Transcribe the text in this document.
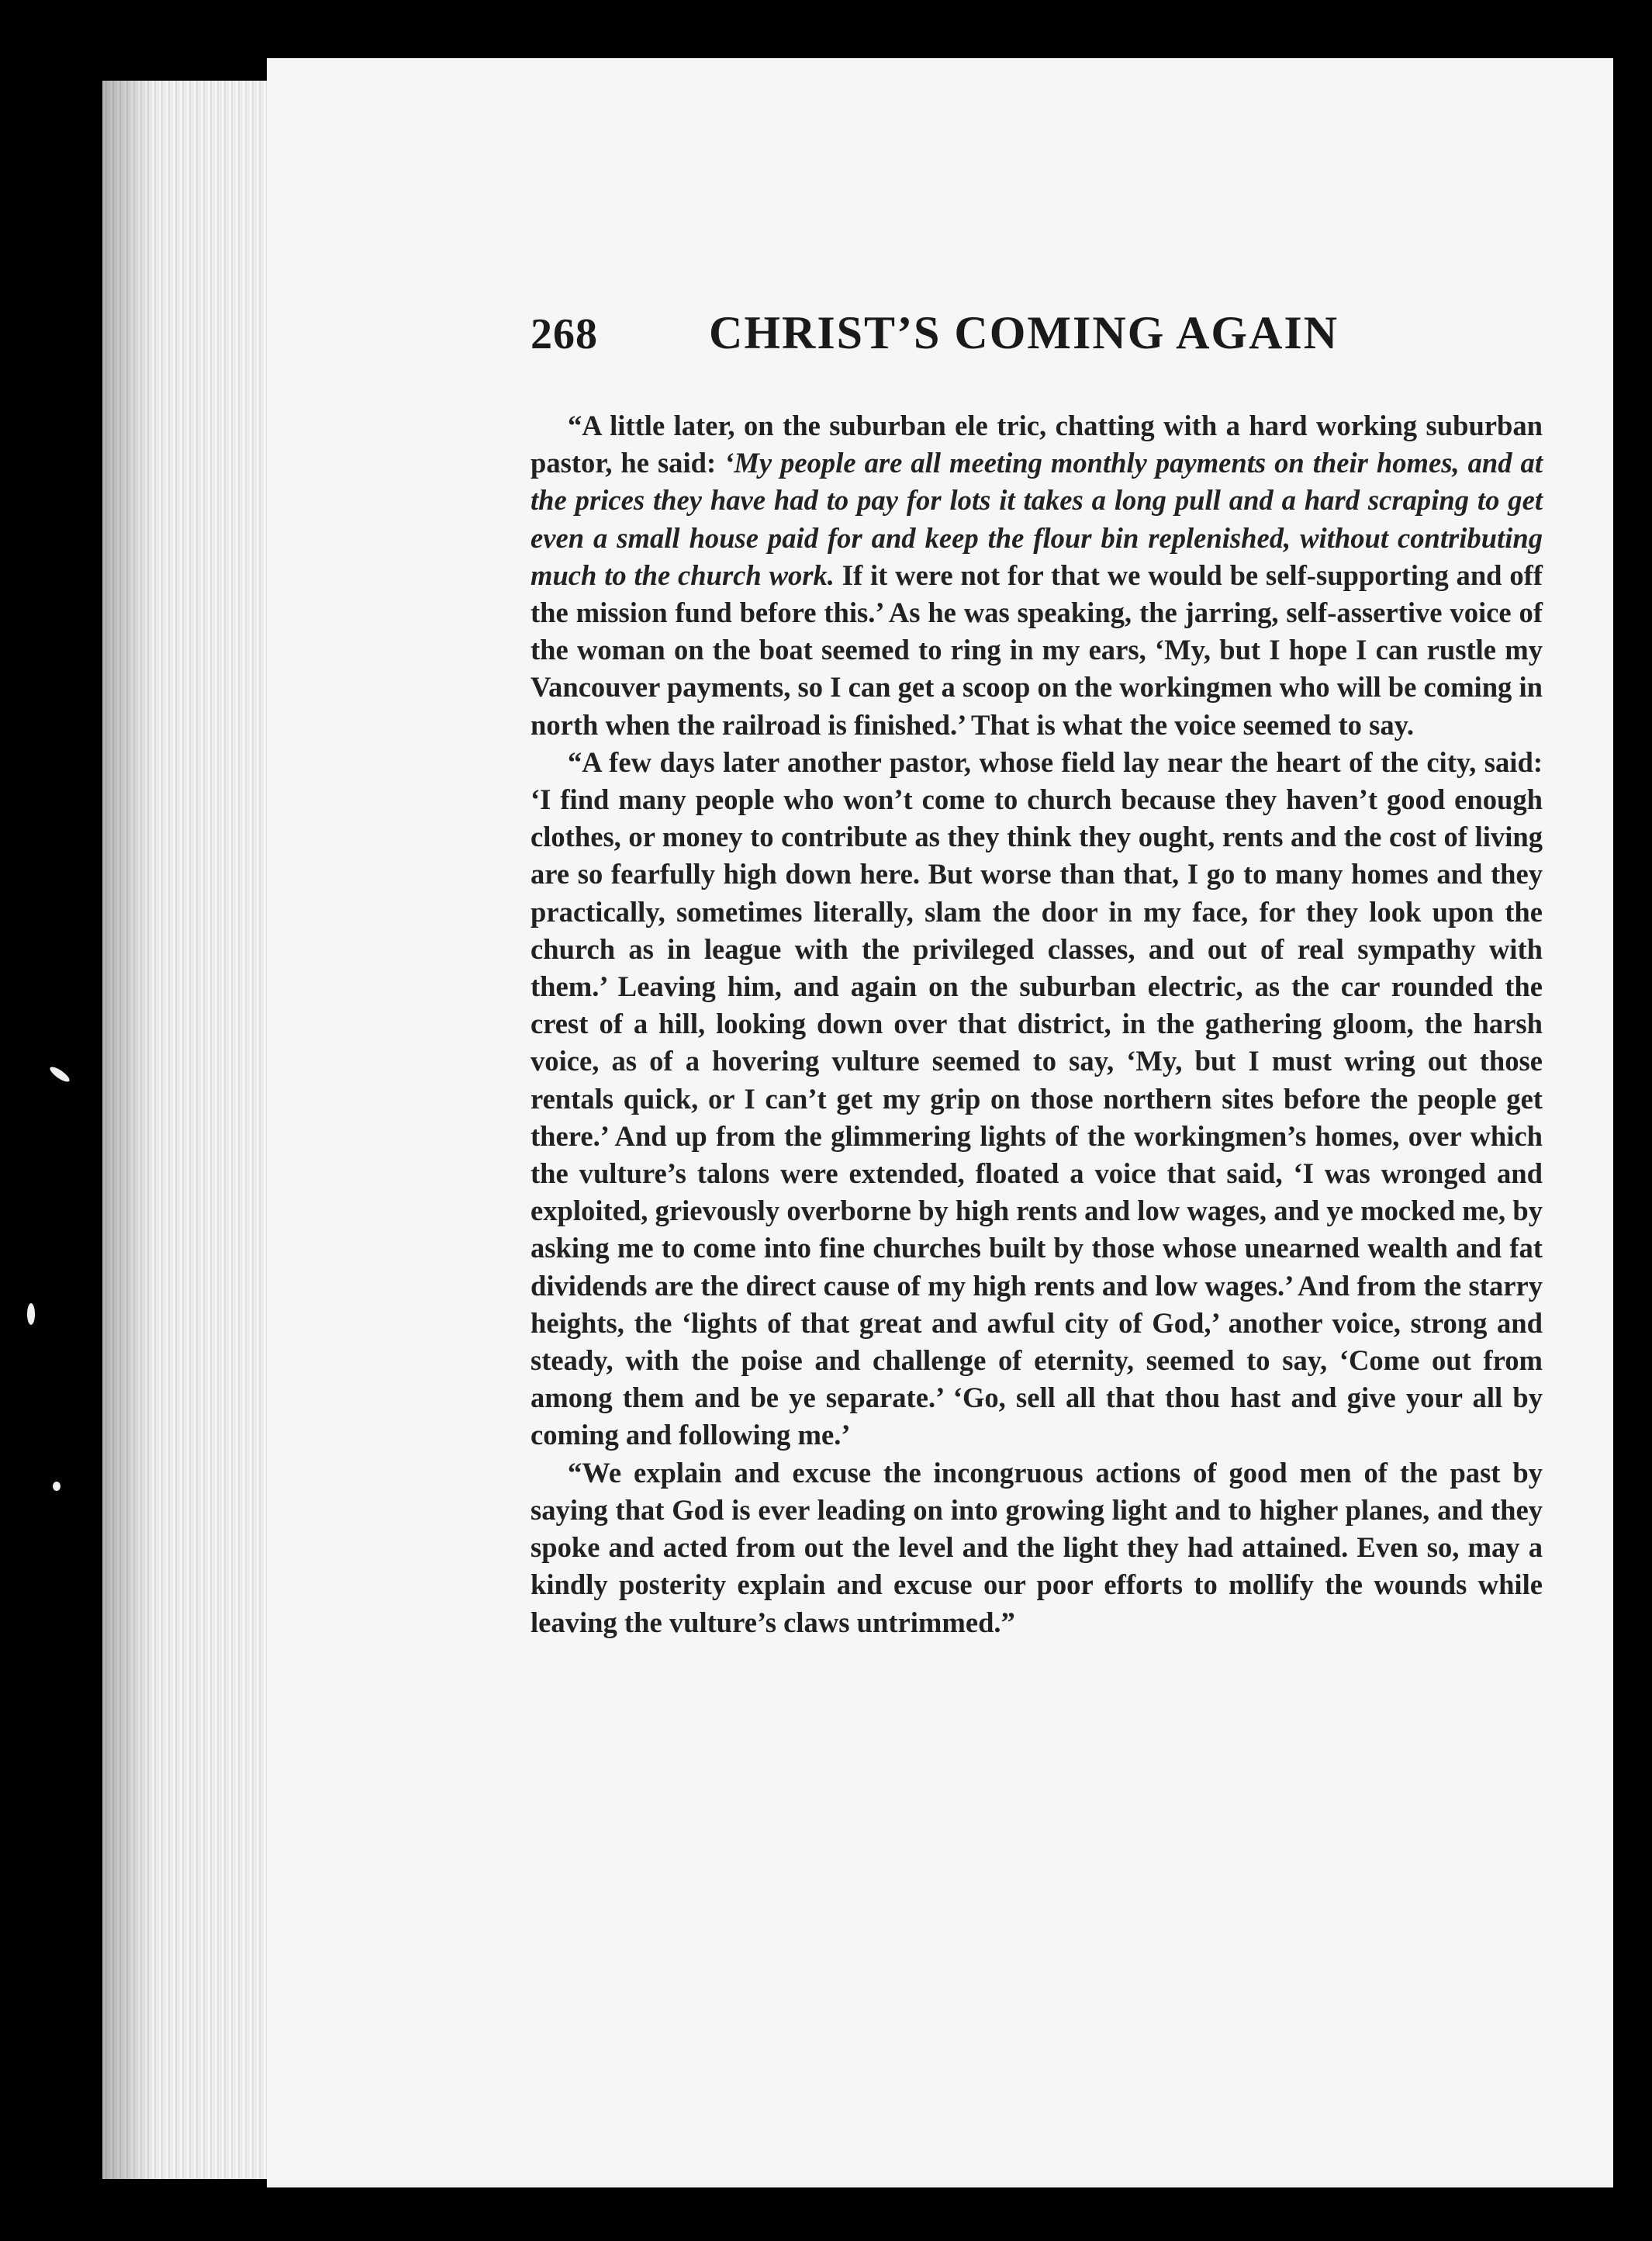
268	CHRIST’S COMING AGAIN

“A little later, on the suburban ele tric, chatting with a hard working suburban pastor, he said: ‘My people are all meeting monthly payments on their homes, and at the prices they have had to pay for lots it takes a long pull and a hard scraping to get even a small house paid for and keep the flour bin replenished, without contributing much to the church work. If it were not for that we would be self-supporting and off the mission fund before this.’ As he was speaking, the jarring, self-assertive voice of the woman on the boat seemed to ring in my ears, ‘My, but I hope I can rustle my Vancouver payments, so I can get a scoop on the workingmen who will be coming in north when the railroad is finished.’ That is what the voice seemed to say.

“A few days later another pastor, whose field lay near the heart of the city, said: ‘I find many people who won’t come to church because they haven’t good enough clothes, or money to contribute as they think they ought, rents and the cost of living are so fearfully high down here. But worse than that, I go to many homes and they practically, sometimes literally, slam the door in my face, for they look upon the church as in league with the privileged classes, and out of real sympathy with them.’ Leaving him, and again on the suburban electric, as the car rounded the crest of a hill, looking down over that district, in the gathering gloom, the harsh voice, as of a hovering vulture seemed to say, ‘My, but I must wring out those rentals quick, or I can’t get my grip on those northern sites before the people get there.’ And up from the glimmering lights of the workingmen’s homes, over which the vulture’s talons were extended, floated a voice that said, ‘I was wronged and exploited, grievously overborne by high rents and low wages, and ye mocked me, by asking me to come into fine churches built by those whose unearned wealth and fat dividends are the direct cause of my high rents and low wages.’ And from the starry heights, the ‘lights of that great and awful city of God,’ another voice, strong and steady, with the poise and challenge of eternity, seemed to say, ‘Come out from among them and be ye separate.’ ‘Go, sell all that thou hast and give your all by coming and following me.’

“We explain and excuse the incongruous actions of good men of the past by saying that God is ever leading on into growing light and to higher planes, and they spoke and acted from out the level and the light they had attained. Even so, may a kindly posterity explain and excuse our poor efforts to mollify the wounds while leaving the vulture’s claws untrimmed.”
